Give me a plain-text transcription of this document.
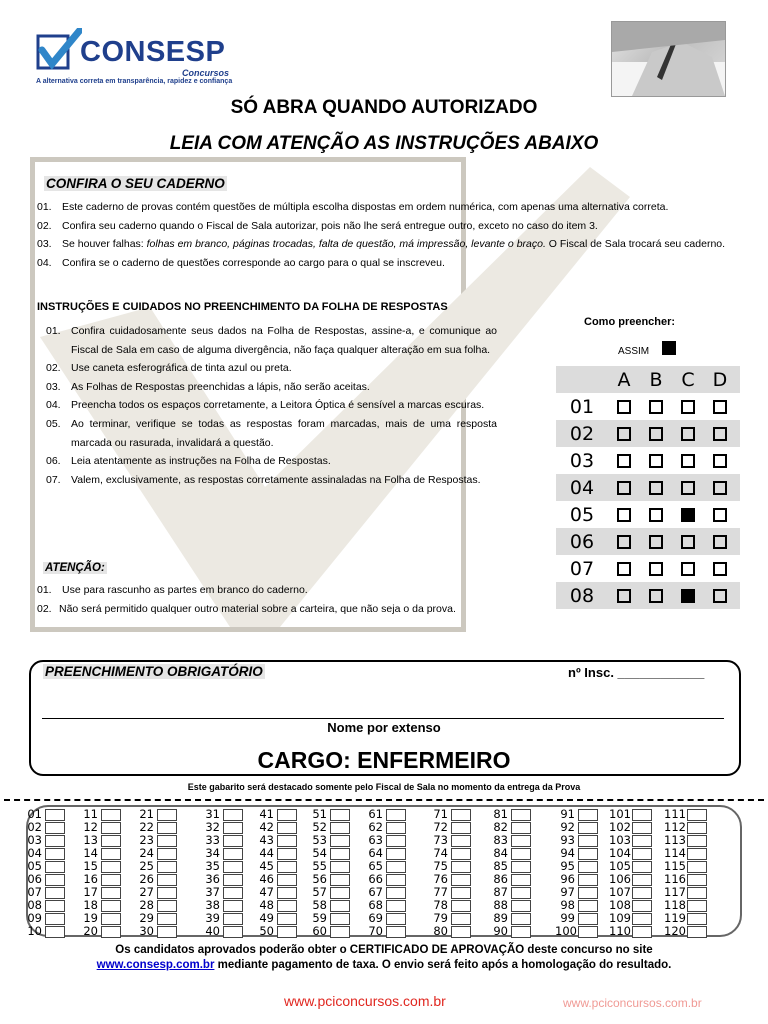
CONSESP
Concursos
A alternativa correta em transparência, rapidez e confiança
SÓ ABRA QUANDO AUTORIZADO
LEIA COM ATENÇÃO AS INSTRUÇÕES ABAIXO
CONFIRA O SEU CADERNO
01. Este caderno de provas contém questões de múltipla escolha dispostas em ordem numérica, com apenas uma alternativa correta.
02. Confira seu caderno quando o Fiscal de Sala autorizar, pois não lhe será entregue outro, exceto no caso do item 3.
03. Se houver falhas: folhas em branco, páginas trocadas, falta de questão, má impressão, levante o braço. O Fiscal de Sala trocará seu caderno.
04. Confira se o caderno de questões corresponde ao cargo para o qual se inscreveu.
INSTRUÇÕES E CUIDADOS NO PREENCHIMENTO DA FOLHA DE RESPOSTAS
01. Confira cuidadosamente seus dados na Folha de Respostas, assine-a, e comunique ao Fiscal de Sala em caso de alguma divergência, não faça qualquer alteração em sua folha.
02. Use caneta esferográfica de tinta azul ou preta.
03. As Folhas de Respostas preenchidas a lápis, não serão aceitas.
04. Preencha todos os espaços corretamente, a Leitora Óptica é sensível a marcas escuras.
05. Ao terminar, verifique se todas as respostas foram marcadas, mais de uma resposta marcada ou rasurada, invalidará a questão.
06. Leia atentamente as instruções na Folha de Respostas.
07. Valem, exclusivamente, as respostas corretamente assinaladas na Folha de Respostas.
ATENÇÃO:
01. Use para rascunho as partes em branco do caderno.
02. Não será permitido qualquer outro material sobre a carteira, que não seja o da prova.
Como preencher:
ASSIM
A B C D
01
02
03
04
05
06
07
08
PREENCHIMENTO OBRIGATÓRIO	nº Insc. ____________
Nome por extenso
CARGO: ENFERMEIRO
Este gabarito será destacado somente pelo Fiscal de Sala no momento da entrega da Prova
01
02
03
04
05
06
07
08
09
10
11
12
13
14
15
16
17
18
19
20
21
22
23
24
25
26
27
28
29
30
31
32
33
34
35
36
37
38
39
40
41
42
43
44
45
46
47
48
49
50
51
52
53
54
55
56
57
58
59
60
61
62
63
64
65
66
67
68
69
70
71
72
73
74
75
76
77
78
79
80
81
82
83
84
85
86
87
88
89
90
91
92
93
94
95
96
97
98
99
100
101
102
103
104
105
106
107
108
109
110
111
112
113
114
115
116
117
118
119
120
Os candidatos aprovados poderão obter o CERTIFICADO DE APROVAÇÃO deste concurso no site
www.consesp.com.br mediante pagamento de taxa. O envio será feito após a homologação do resultado.
www.pciconcursos.com.br	www.pciconcursos.com.br
